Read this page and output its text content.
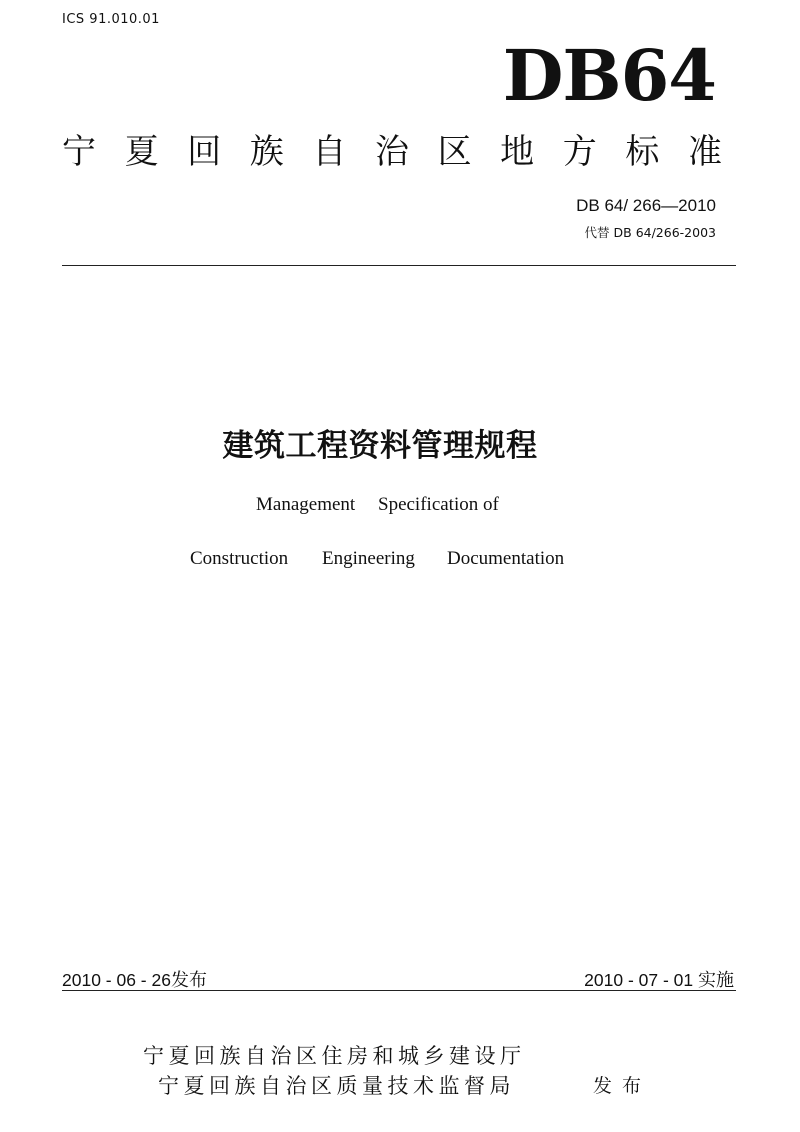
ICS 91.010.01
DB64
宁 夏 回 族 自 治 区 地 方 标 准
DB 64/ 266—2010
代替 DB 64/266-2003
建筑工程资料管理规程
Management Specification of
Construction Engineering Documentation
2010 - 06 - 26发布	2010 - 07 - 01 实施
宁夏回族自治区住房和城乡建设厅
宁夏回族自治区质量技术监督局	发布
